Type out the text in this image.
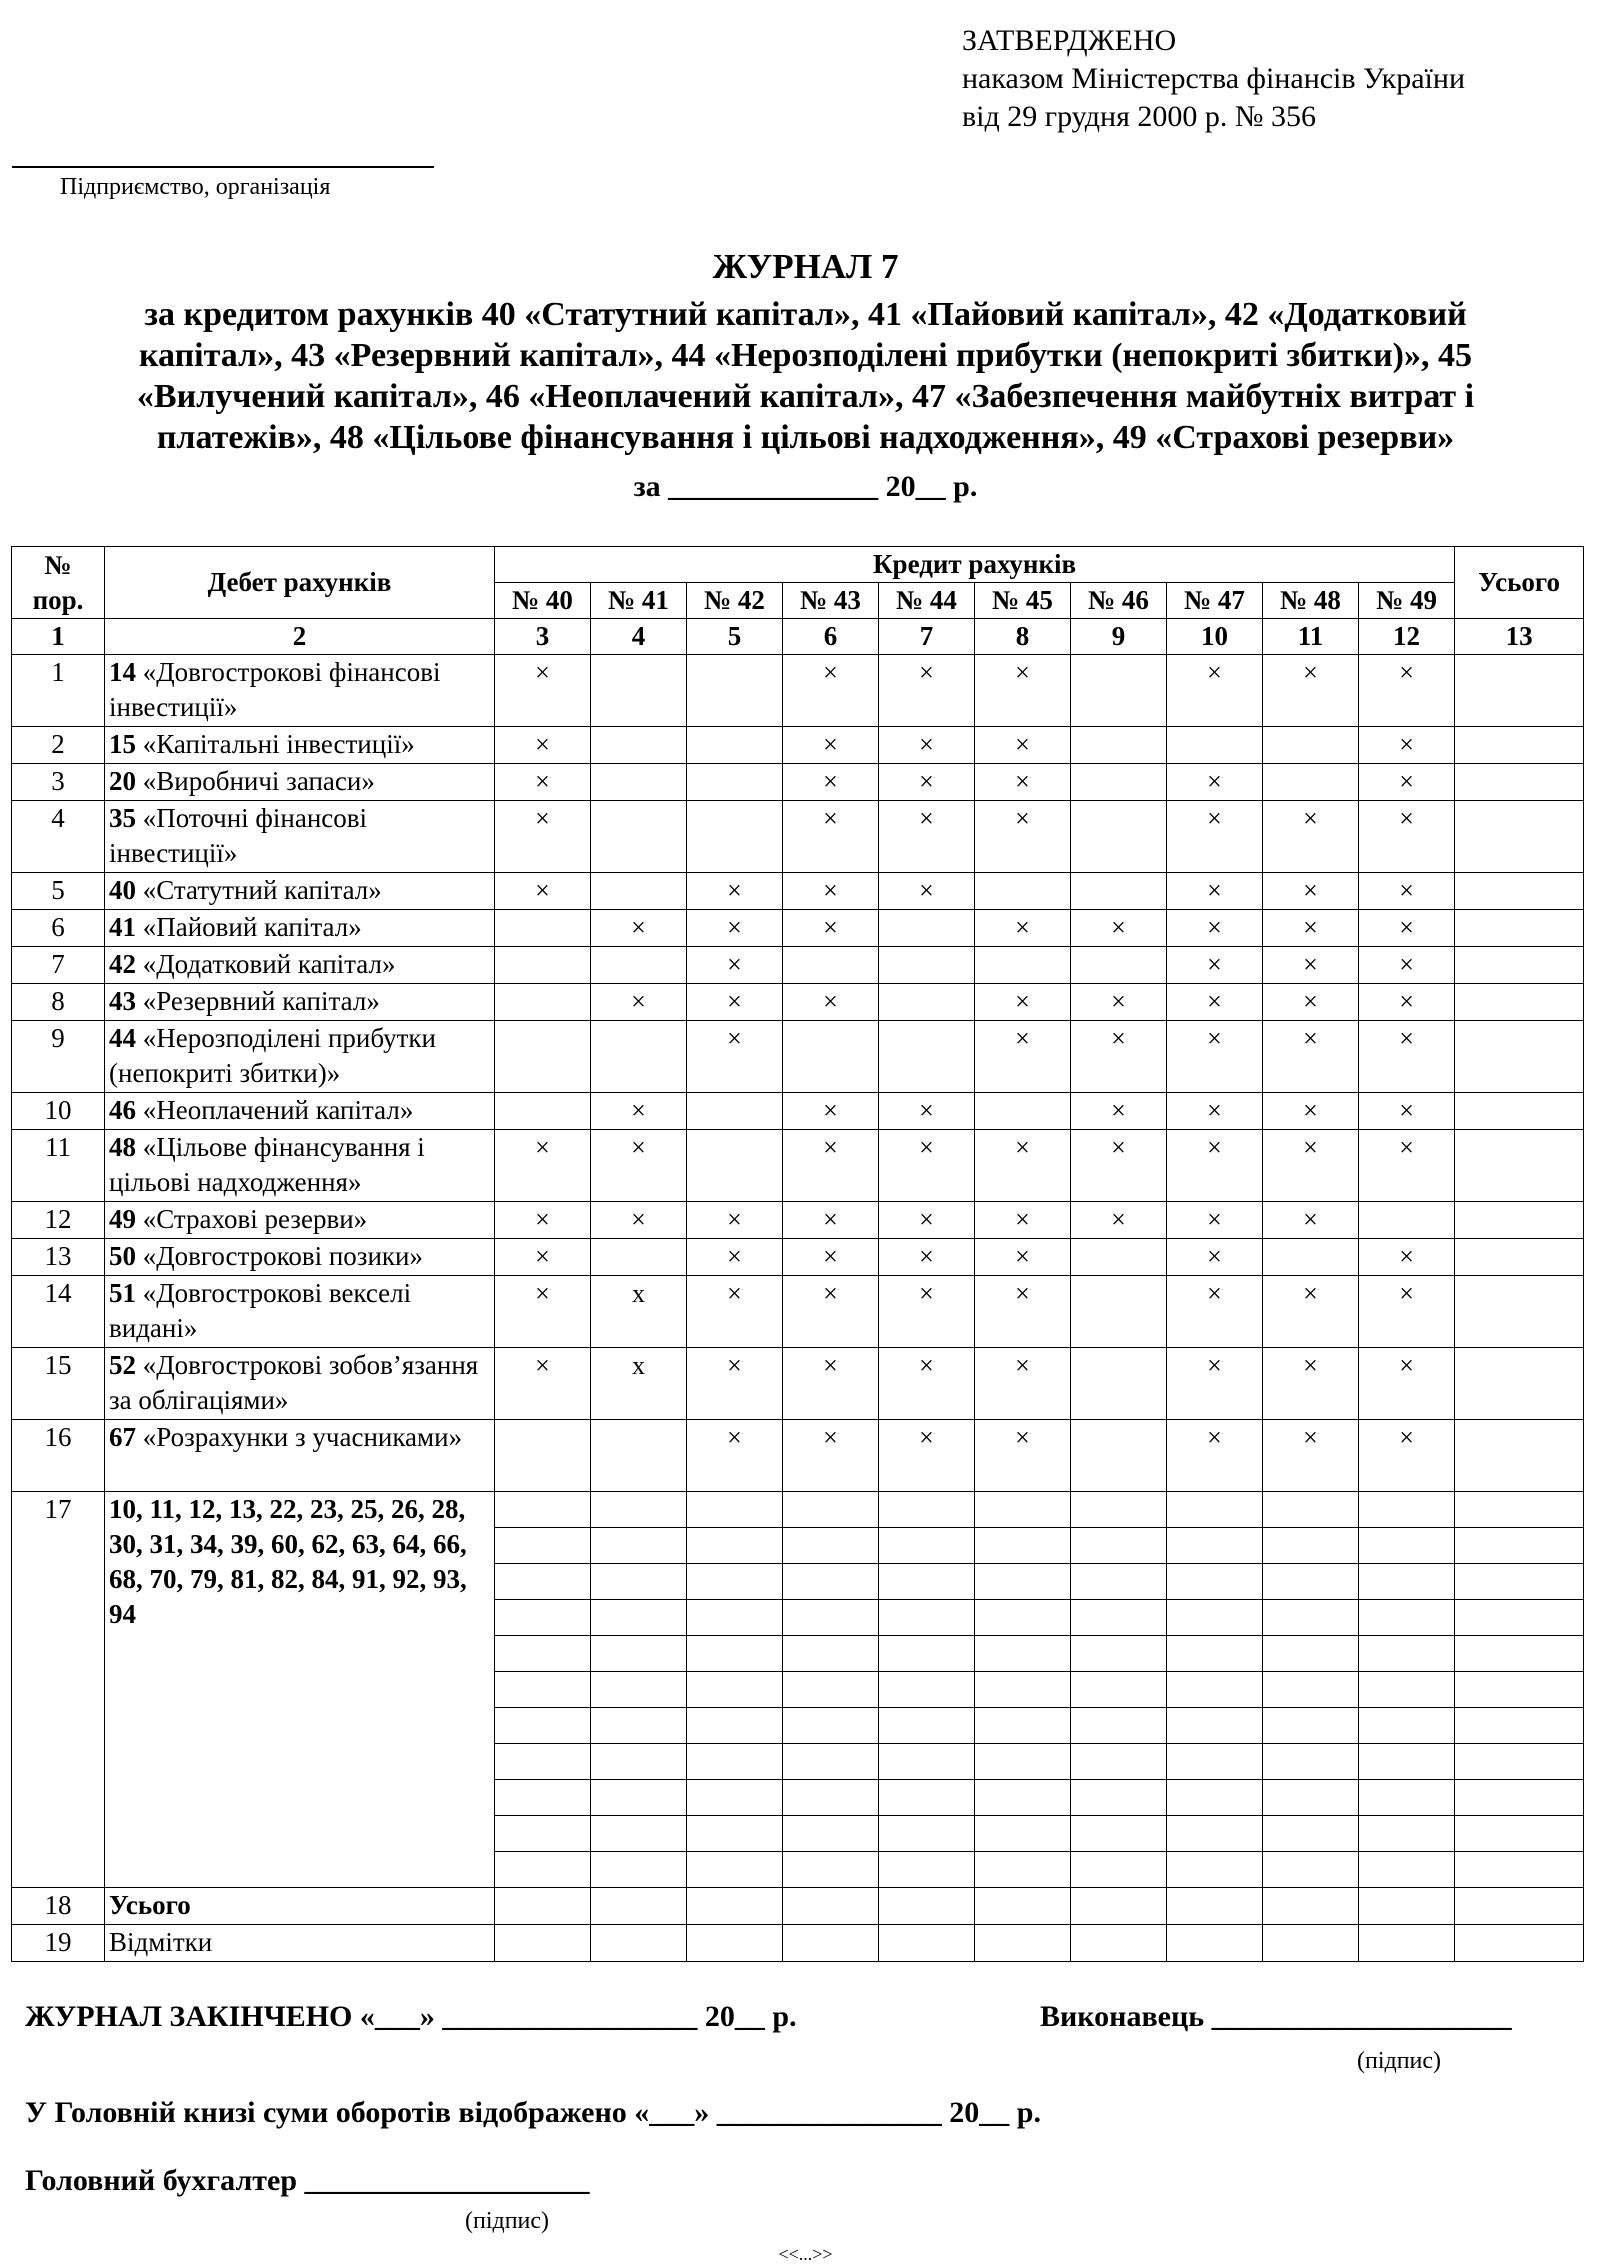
ЗАТВЕРДЖЕНО
наказом Міністерства фінансів України
від 29 грудня 2000 р. № 356
Підприємство, організація
ЖУРНАЛ 7
за кредитом рахунків 40 «Статутний капітал», 41 «Пайовий капітал», 42 «Додатковий
капітал», 43 «Резервний капітал», 44 «Нерозподілені прибутки (непокриті збитки)», 45
«Вилучений капітал», 46 «Неоплачений капітал», 47 «Забезпечення майбутніх витрат і
платежів», 48 «Цільове фінансування і цільові надходження», 49 «Страхові резерви»
за ______________ 20__ р.
№ пор.	Дебет рахунків	Кредит рахунків										Усього
		№ 40	№ 41	№ 42	№ 43	№ 44	№ 45	№ 46	№ 47	№ 48	№ 49	
1	2	3	4	5	6	7	8	9	10	11	12	13
1	14 «Довгострокові фінансові інвестиції»	×			×	×	×		×	×	×	
2	15 «Капітальні інвестиції»	×			×	×	×				×	
3	20 «Виробничі запаси»	×			×	×	×		×		×	
4	35 «Поточні фінансові інвестиції»	×			×	×	×		×	×	×	
5	40 «Статутний капітал»	×		×	×	×			×	×	×	
6	41 «Пайовий капітал»		×	×	×		×	×	×	×	×	
7	42 «Додатковий капітал»			×					×	×	×	
8	43 «Резервний капітал»		×	×	×		×	×	×	×	×	
9	44 «Нерозподілені прибутки (непокриті збитки)»			×			×	×	×	×	×	
10	46 «Неоплачений капітал»		×		×	×		×	×	×	×	
11	48 «Цільове фінансування і цільові надходження»	×	×		×	×	×	×	×	×	×	
12	49 «Страхові резерви»	×	×	×	×	×	×	×	×	×		
13	50 «Довгострокові позики»	×		×	×	×	×		×		×	
14	51 «Довгострокові векселі видані»	×	x	×	×	×	×		×	×	×	
15	52 «Довгострокові зобов’язання за облігаціями»	×	x	×	×	×	×		×	×	×	
16	67 «Розрахунки з учасниками»			×	×	×	×		×	×	×	
17	10, 11, 12, 13, 22, 23, 25, 26, 28, 30, 31, 34, 39, 60, 62, 63, 64, 66, 68, 70, 79, 81, 82, 84, 91, 92, 93, 94											

18	Усього											
19	Відмітки											
ЖУРНАЛ ЗАКІНЧЕНО «___» _________________ 20__ р.	Виконавець ____________________
(підпис)
У Головній книзі суми оборотів відображено «___» _______________ 20__ р.
Головний бухгалтер ___________________
(підпис)
<<...>>
